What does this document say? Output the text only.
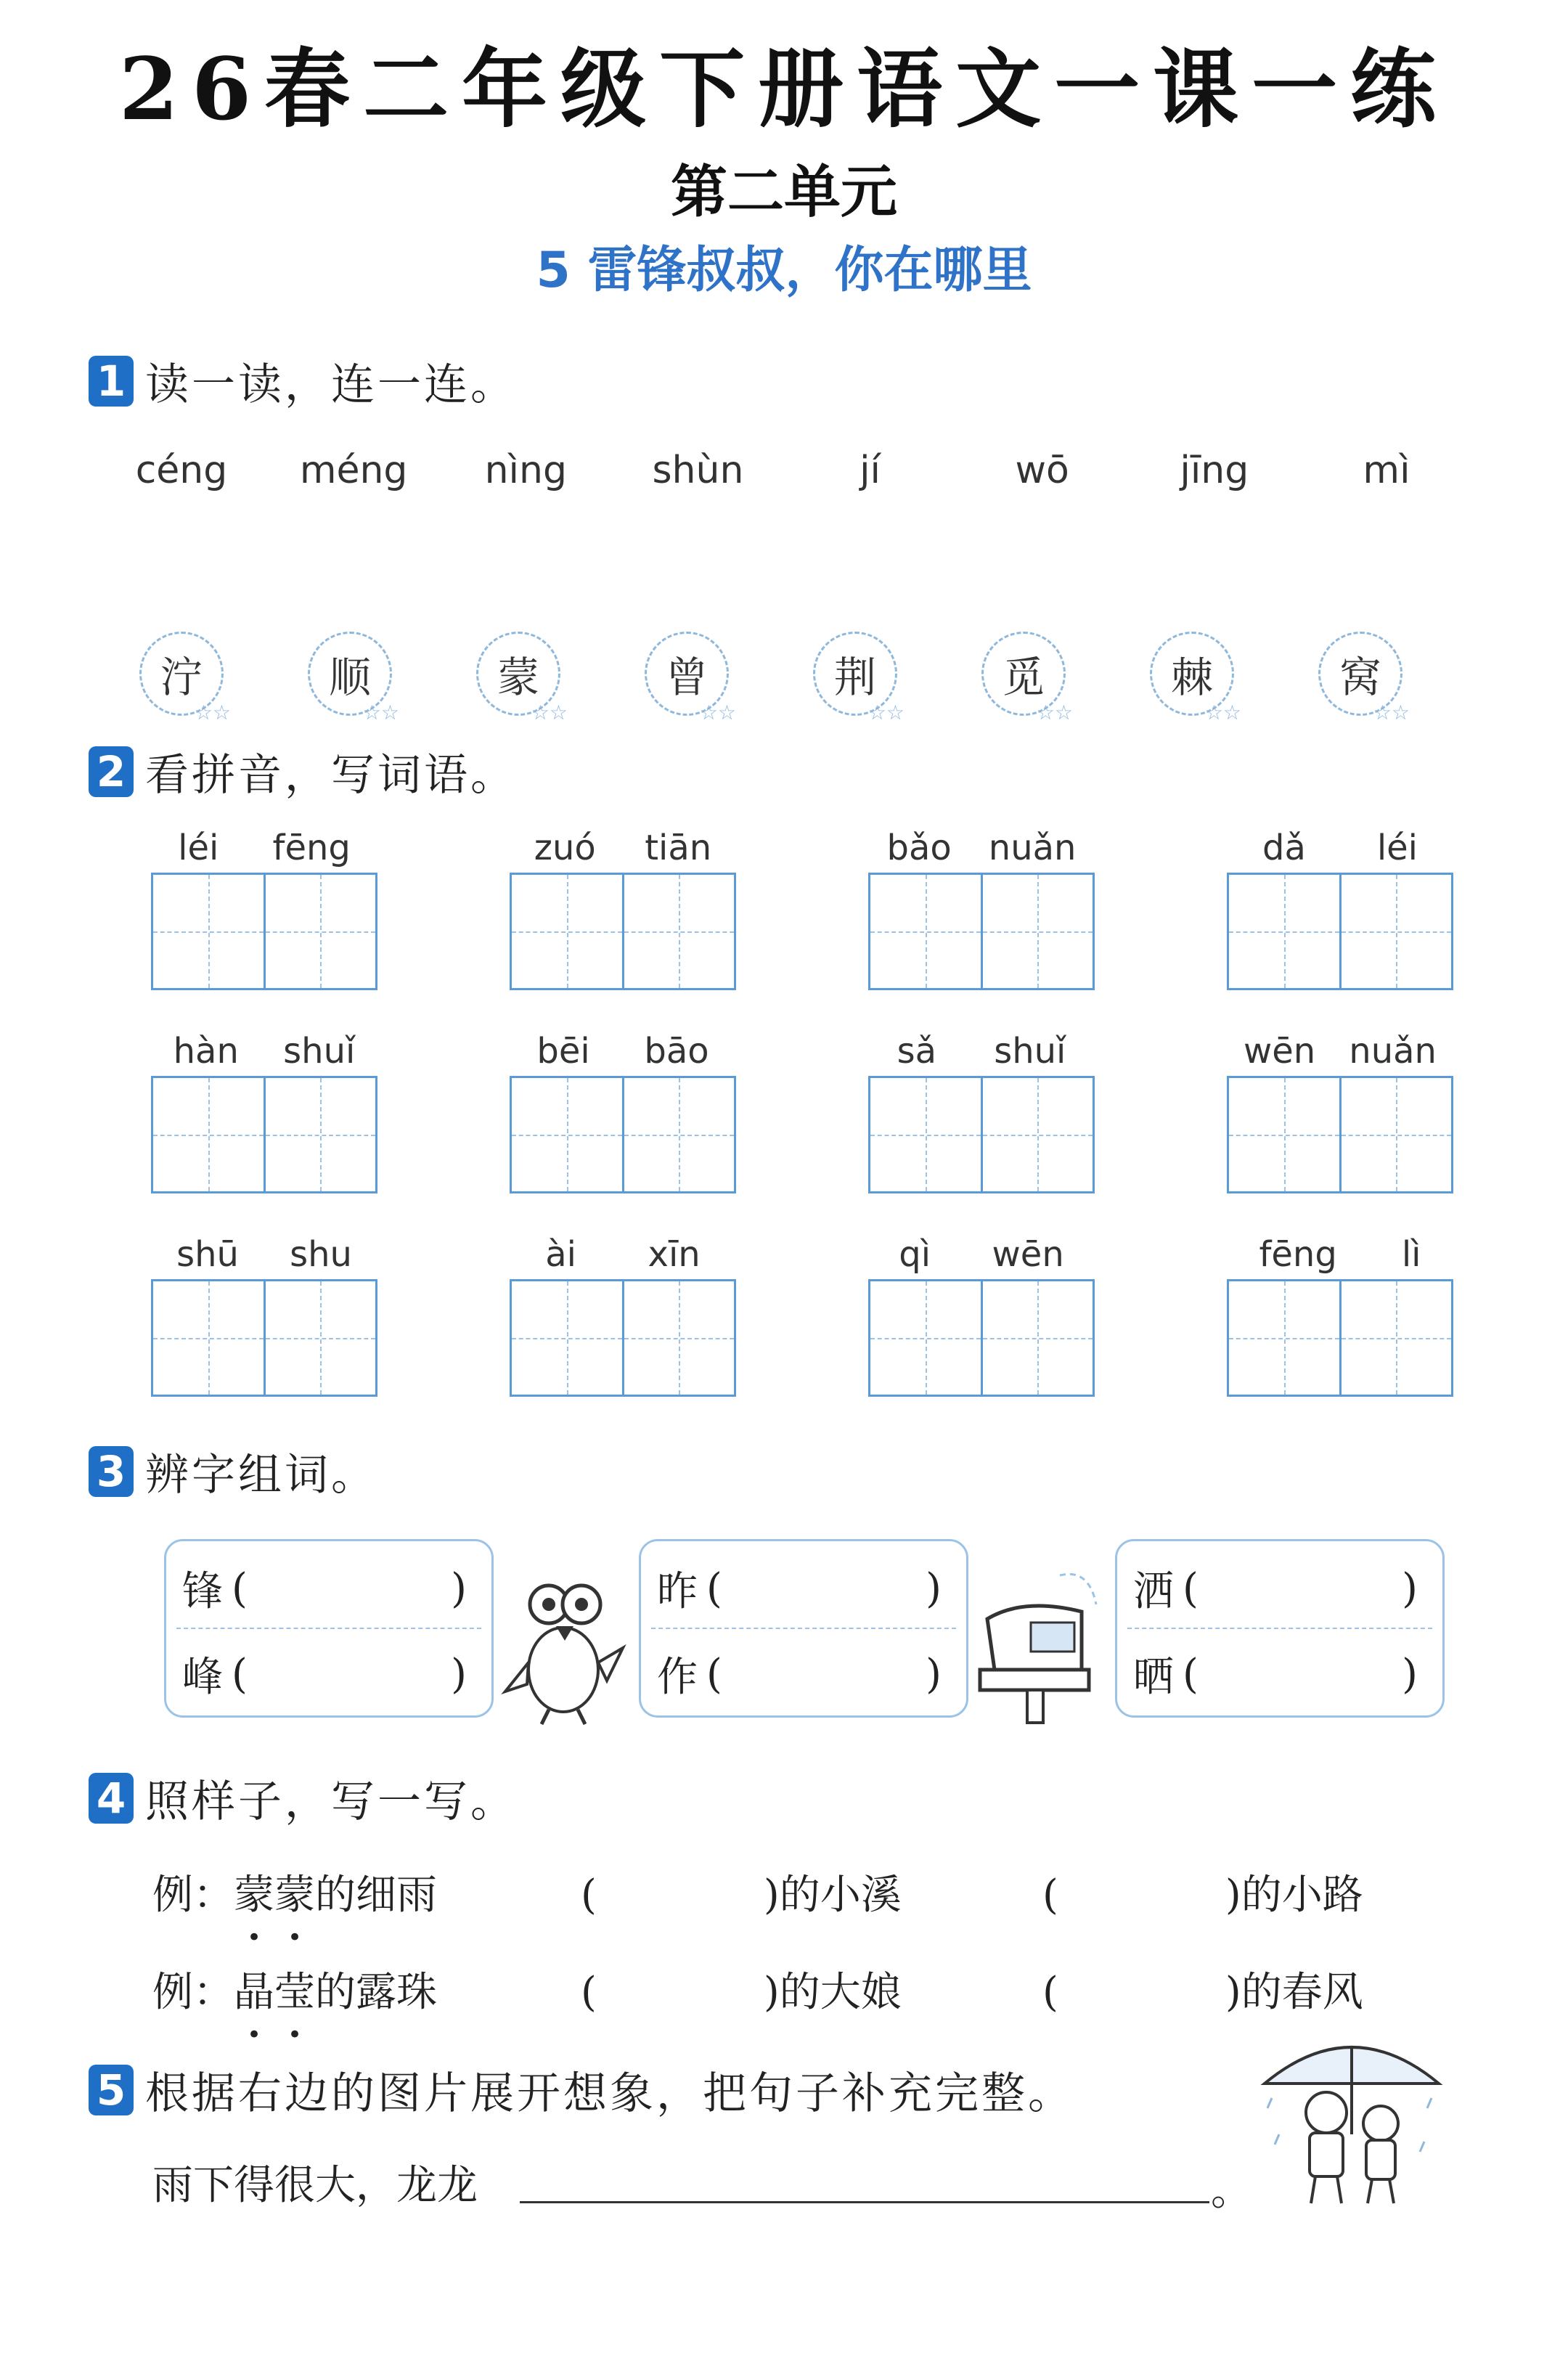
26春二年级下册语文一课一练
第二单元
5 雷锋叔叔，你在哪里
1 读一读，连一连。
céng	méng	nìng	shùn	jí	wō	jīng	mì
泞
☆☆
顺
☆☆
蒙
☆☆
曾
☆☆
荆
☆☆
觅
☆☆
棘
☆☆
窝
☆☆
2 看拼音，写词语。
léi fēng	zuó tiān	bǎo nuǎn	dǎ léi
hàn shuǐ	bēi bāo	sǎ shuǐ	wēn nuǎn
shū shu	ài xīn	qì wēn	fēng lì
3 辨字组词。
锋 (	)
峰 (	)
昨 (	)
作 (	)
洒 (	)
晒 (	)
4 照样子，写一写。
例：蒙蒙的细雨	(	)的小溪	(	)的小路
例：晶莹的露珠	(	)的大娘	(	)的春风
5 根据右边的图片展开想象，把句子补充完整。
雨下得很大，龙龙	。
